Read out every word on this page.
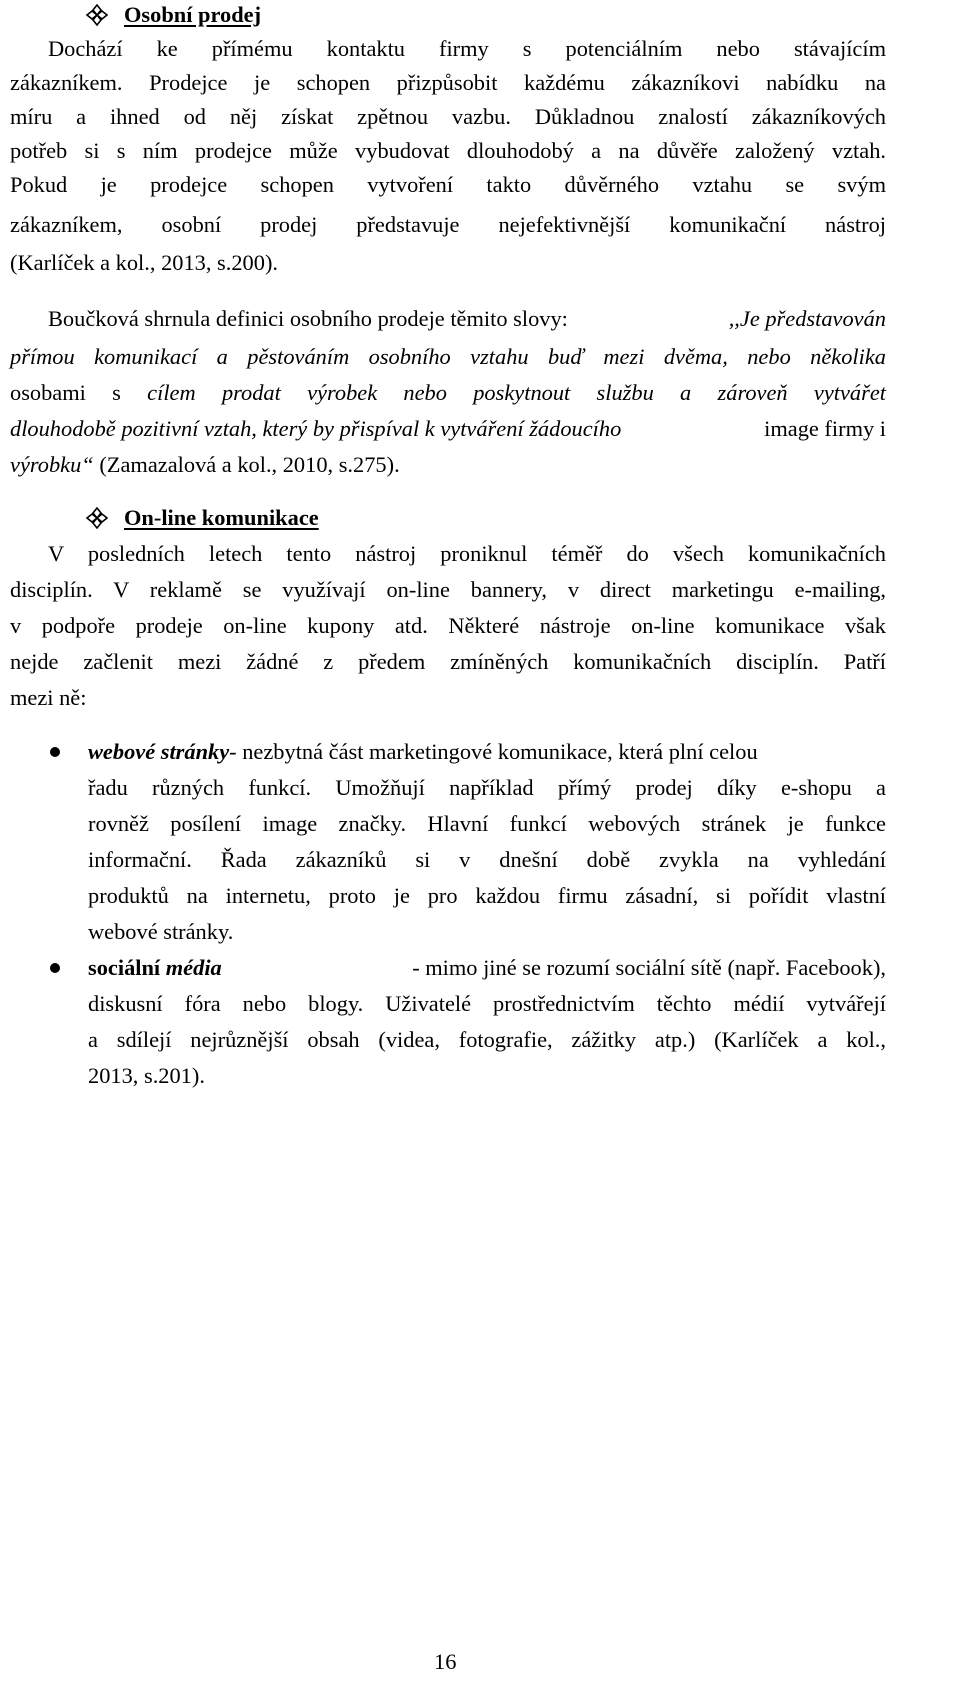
Osobní prodej
Dochází ke přímému kontaktu firmy s potenciálním nebo stávajícím
zákazníkem. Prodejce je schopen přizpůsobit každému zákazníkovi nabídku na
míru a ihned od něj získat zpětnou vazbu. Důkladnou znalostí zákazníkových
potřeb si s ním prodejce může vybudovat dlouhodobý a na důvěře založený vztah.
Pokud je prodejce schopen vytvoření takto důvěrného vztahu se svým
zákazníkem, osobní prodej představuje nejefektivnější komunikační nástroj
(Karlíček a kol., 2013, s.200).
Boučková shrnula definici osobního prodeje těmito slovy:	,,Je představován
přímou komunikací a pěstováním osobního vztahu buď mezi dvěma, nebo několika
osobami s cílem prodat výrobek nebo poskytnout službu a zároveň vytvářet
dlouhodobě pozitivní vztah, který by přispíval k vytváření žádoucího	image firmy i
výrobku“ (Zamazalová a kol., 2010, s.275).
On-line komunikace
V posledních letech tento nástroj proniknul téměř do všech komunikačních
disciplín. V reklamě se využívají on-line bannery, v direct marketingu e-mailing,
v podpoře prodeje on-line kupony atd. Některé nástroje on-line komunikace však
nejde začlenit mezi žádné z předem zmíněných komunikačních disciplín. Patří
mezi ně:
webové stránky- nezbytná část marketingové komunikace, která plní celou
řadu různých funkcí. Umožňují například přímý prodej díky e-shopu a
rovněž posílení image značky. Hlavní funkcí webových stránek je funkce
informační. Řada zákazníků si v dnešní době zvykla na vyhledání
produktů na internetu, proto je pro každou firmu zásadní, si pořídit vlastní
webové stránky.
sociální média	- mimo jiné se rozumí sociální sítě (např. Facebook),
diskusní fóra nebo blogy. Uživatelé prostřednictvím těchto médií vytvářejí
a sdílejí nejrůznější obsah (videa, fotografie, zážitky atp.) (Karlíček a kol.,
2013, s.201).
16
